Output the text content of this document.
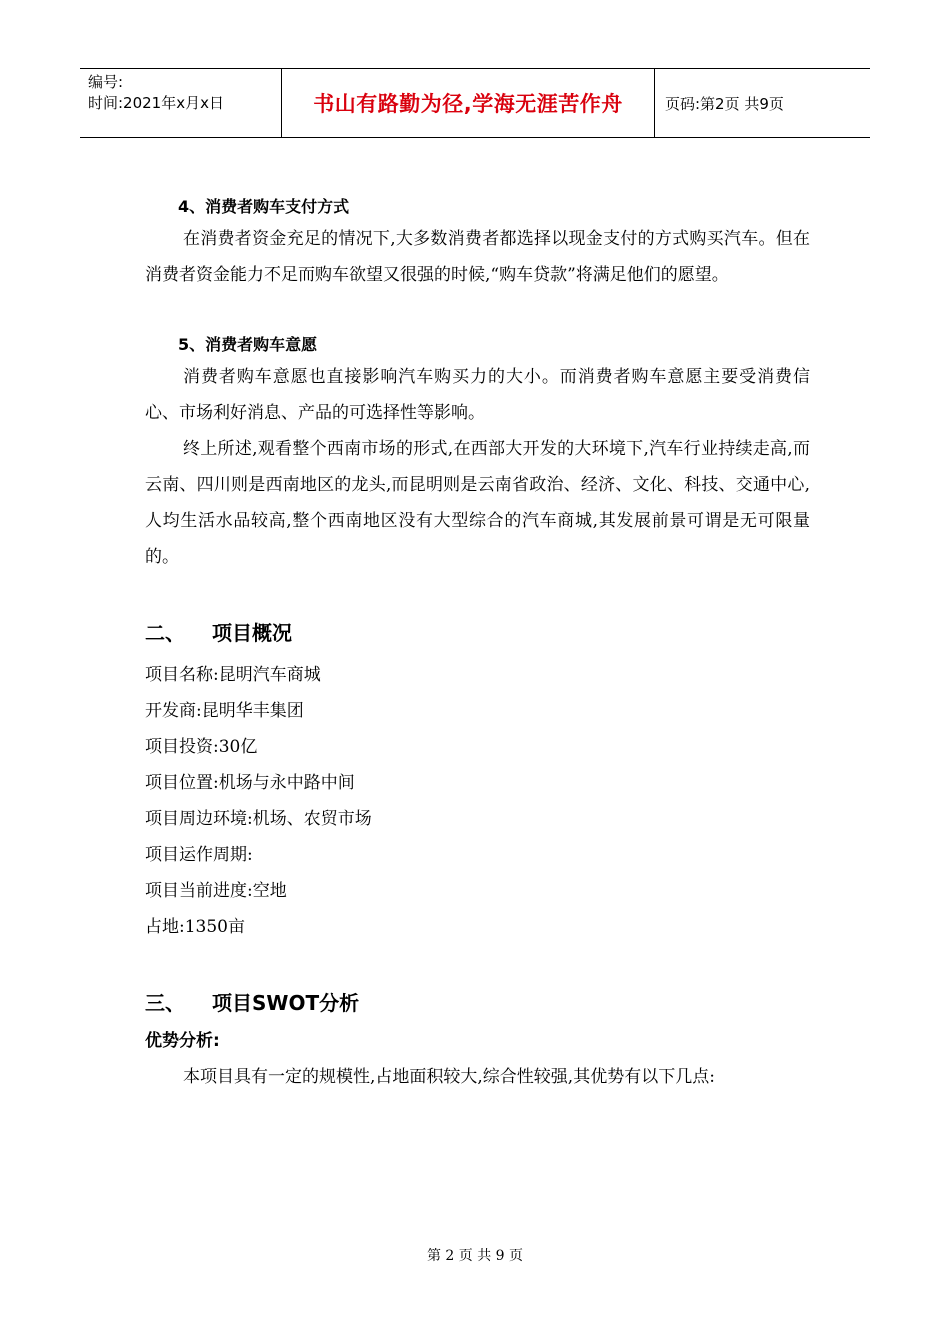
编号:
时间:2021年x月x日	书山有路勤为径,学海无涯苦作舟	页码:第2页 共9页

4、消费者购车支付方式

在消费者资金充足的情况下,大多数消费者都选择以现金支付的方式购买汽车。但在消费者资金能力不足而购车欲望又很强的时候,“购车贷款”将满足他们的愿望。

5、消费者购车意愿

消费者购车意愿也直接影响汽车购买力的大小。而消费者购车意愿主要受消费信心、市场利好消息、产品的可选择性等影响。

终上所述,观看整个西南市场的形式,在西部大开发的大环境下,汽车行业持续走高,而云南、四川则是西南地区的龙头,而昆明则是云南省政治、经济、文化、科技、交通中心,人均生活水品较高,整个西南地区没有大型综合的汽车商城,其发展前景可谓是无可限量的。

二、	项目概况

项目名称:昆明汽车商城

开发商:昆明华丰集团

项目投资:30亿

项目位置:机场与永中路中间

项目周边环境:机场、农贸市场

项目运作周期:

项目当前进度:空地

占地:1350亩

三、	项目SWOT分析

优势分析:

本项目具有一定的规模性,占地面积较大,综合性较强,其优势有以下几点:

第 2 页 共 9 页
